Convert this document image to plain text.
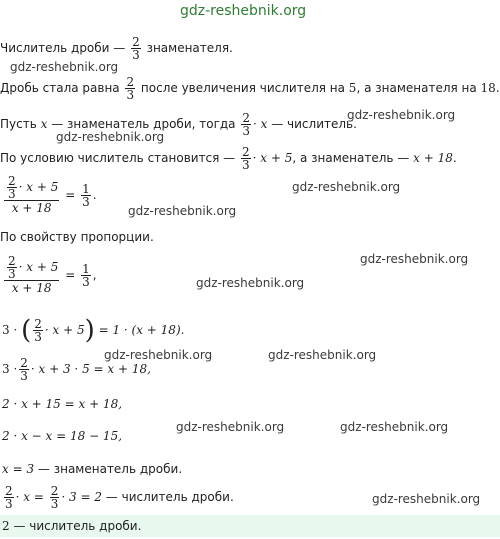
gdz-reshebnik.org
Числитель дроби — $\frac{2}{3}$ знаменателя.
gdz-reshebnik.org
Дробь стала равна $\frac{2}{3}$ после увеличения числителя на 5, а знаменателя на 18.
Пусть x — знаменатель дроби, тогда $\frac{2}{3} \cdot x$ — числитель.
gdz-reshebnik.org
gdz-reshebnik.org
По условию числитель становится — $\frac{2}{3} \cdot x + 5$, а знаменатель — x + 18.
gdz-reshebnik.org
$\frac{\frac{2}{3} \cdot x + 5}{x + 18} = \frac{1}{3}$ .
gdz-reshebnik.org
По свойству пропорции.
gdz-reshebnik.org
$\frac{\frac{2}{3} \cdot x + 5}{x + 18} = \frac{1}{3}$ ,
gdz-reshebnik.org
3 · ( $\frac{2}{3} \cdot x + 5) = 1 \cdot (x + 18)$.
gdz-reshebnik.org	gdz-reshebnik.org
$3 \cdot \frac{2}{3} \cdot x + 3 \cdot 5 = x + 18$,
2 · x + 15 = x + 18,
gdz-reshebnik.org	gdz-reshebnik.org
2 · x − x = 18 − 15,
x = 3 — знаменатель дроби.
$\frac{2}{3} \cdot x = \frac{2}{3} \cdot 3 = 2$ — числитель дроби.	gdz-reshebnik.org
2 — числитель дроби.
